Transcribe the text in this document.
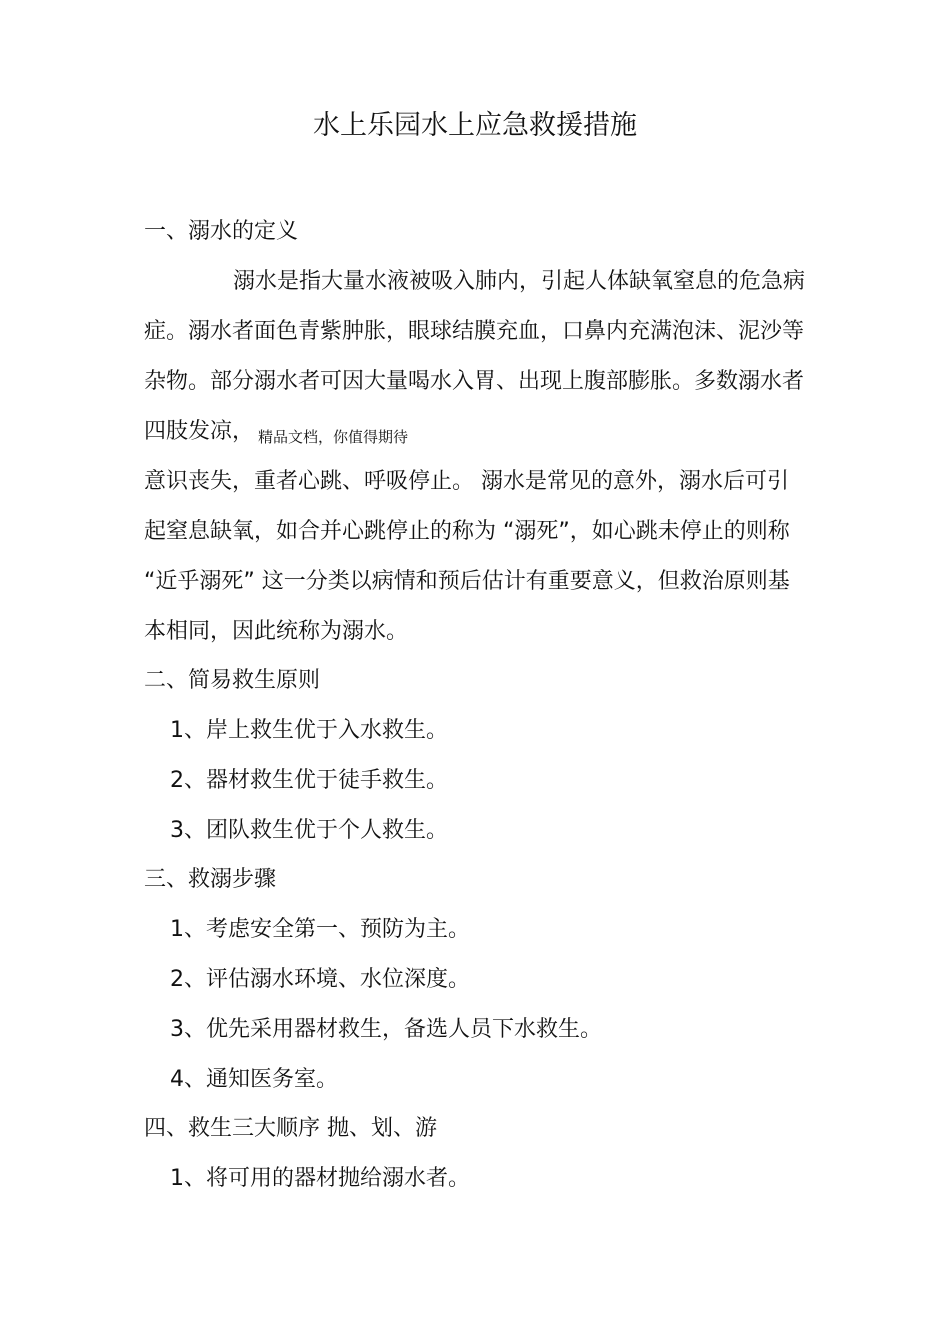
水上乐园水上应急救援措施
一、溺水的定义
溺水是指大量水液被吸入肺内，引起人体缺氧窒息的危急病
症。溺水者面色青紫肿胀，眼球结膜充血，口鼻内充满泡沫、泥沙等
杂物。部分溺水者可因大量喝水入胃、出现上腹部膨胀。多数溺水者
四肢发凉， 精品文档，你值得期待
意识丧失，重者心跳、呼吸停止。 溺水是常见的意外，溺水后可引
起窒息缺氧，如合并心跳停止的称为 “溺死”，如心跳未停止的则称
“近乎溺死” 这一分类以病情和预后估计有重要意义，但救治原则基
本相同，因此统称为溺水。
二、简易救生原则
1、岸上救生优于入水救生。
2、器材救生优于徒手救生。
3、团队救生优于个人救生。
三、救溺步骤
1、考虑安全第一、预防为主。
2、评估溺水环境、水位深度。
3、优先采用器材救生，备选人员下水救生。
4、通知医务室。
四、救生三大顺序 抛、划、游
1、将可用的器材抛给溺水者。
